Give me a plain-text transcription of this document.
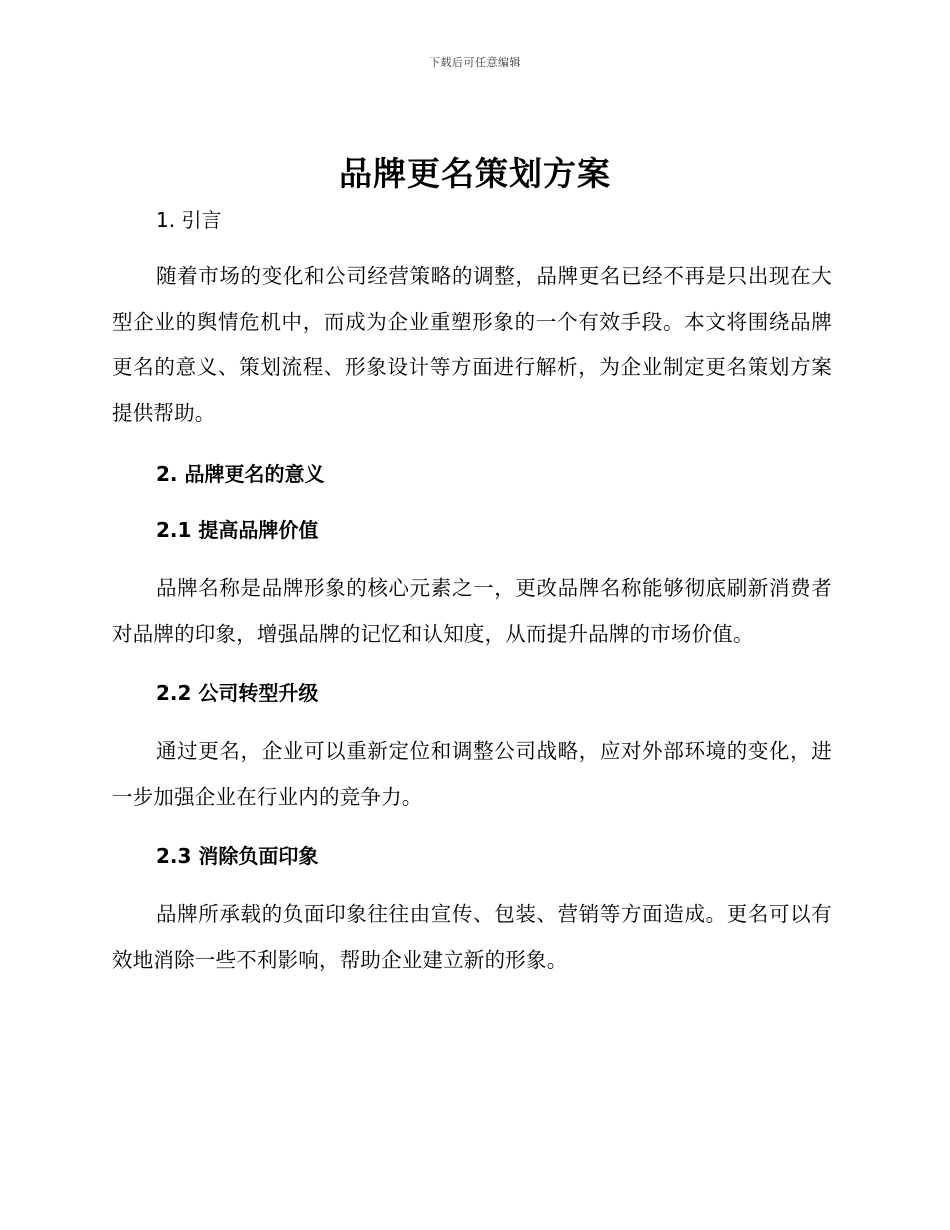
下载后可任意编辑
品牌更名策划方案
1. 引言

随着市场的变化和公司经营策略的调整，品牌更名已经不再是只出现在大型企业的舆情危机中，而成为企业重塑形象的一个有效手段。本文将围绕品牌更名的意义、策划流程、形象设计等方面进行解析，为企业制定更名策划方案提供帮助。

2. 品牌更名的意义
2.1 提高品牌价值

品牌名称是品牌形象的核心元素之一，更改品牌名称能够彻底刷新消费者对品牌的印象，增强品牌的记忆和认知度，从而提升品牌的市场价值。

2.2 公司转型升级

通过更名，企业可以重新定位和调整公司战略，应对外部环境的变化，进一步加强企业在行业内的竞争力。

2.3 消除负面印象

品牌所承载的负面印象往往由宣传、包装、营销等方面造成。更名可以有效地消除一些不利影响，帮助企业建立新的形象。
